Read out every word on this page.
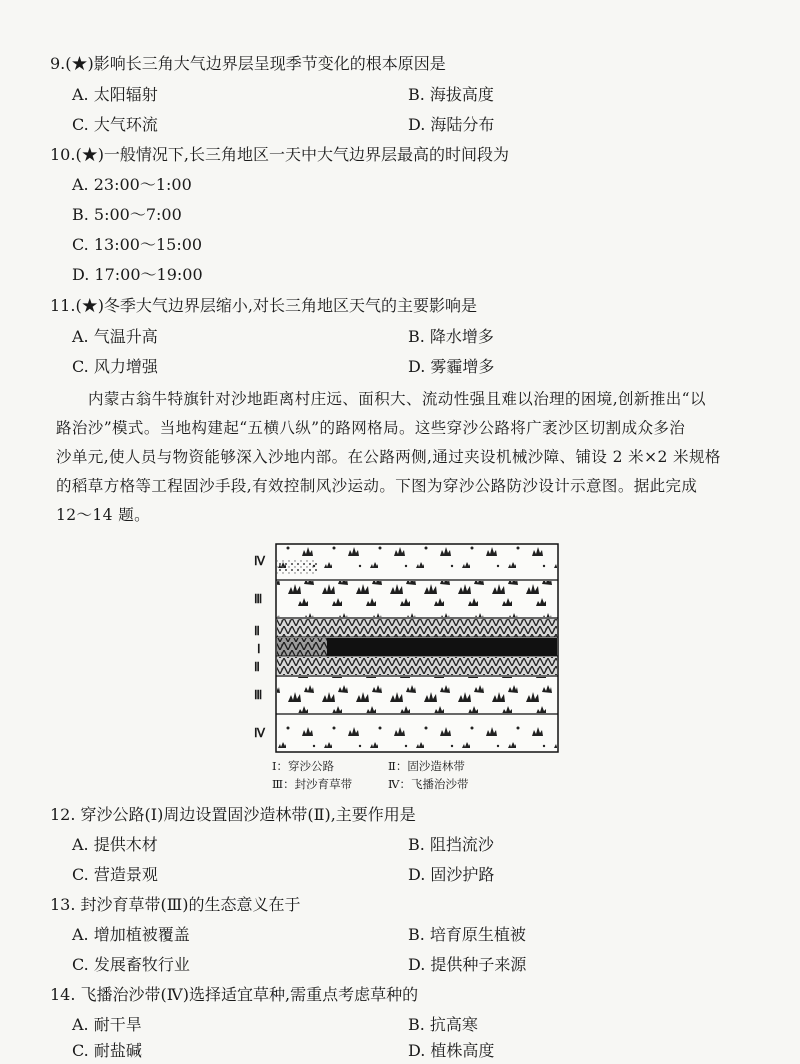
9.(★)影响长三角大气边界层呈现季节变化的根本原因是
A. 太阳辐射	B. 海拔高度
C. 大气环流	D. 海陆分布
10.(★)一般情况下,长三角地区一天中大气边界层最高的时间段为
A. 23:00～1:00
B. 5:00～7:00
C. 13:00～15:00
D. 17:00～19:00
11.(★)冬季大气边界层缩小,对长三角地区天气的主要影响是
A. 气温升高	B. 降水增多
C. 风力增强	D. 雾霾增多
内蒙古翁牛特旗针对沙地距离村庄远、面积大、流动性强且难以治理的困境,创新推出“以
路治沙”模式。当地构建起“五横八纵”的路网格局。这些穿沙公路将广袤沙区切割成众多治
沙单元,使人员与物资能够深入沙地内部。在公路两侧,通过夹设机械沙障、铺设 2 米×2 米规格
的稻草方格等工程固沙手段,有效控制风沙运动。下图为穿沙公路防沙设计示意图。据此完成
12～14 题。
Ⅳ
Ⅲ
Ⅱ
Ⅰ
Ⅱ
Ⅲ
Ⅳ
Ⅰ：穿沙公路	Ⅱ：固沙造林带
Ⅲ：封沙育草带	Ⅳ：飞播治沙带
12. 穿沙公路(Ⅰ)周边设置固沙造林带(Ⅱ),主要作用是
A. 提供木材	B. 阻挡流沙
C. 营造景观	D. 固沙护路
13. 封沙育草带(Ⅲ)的生态意义在于
A. 增加植被覆盖	B. 培育原生植被
C. 发展畜牧行业	D. 提供种子来源
14. 飞播治沙带(Ⅳ)选择适宜草种,需重点考虑草种的
A. 耐干旱	B. 抗高寒
C. 耐盐碱	D. 植株高度
